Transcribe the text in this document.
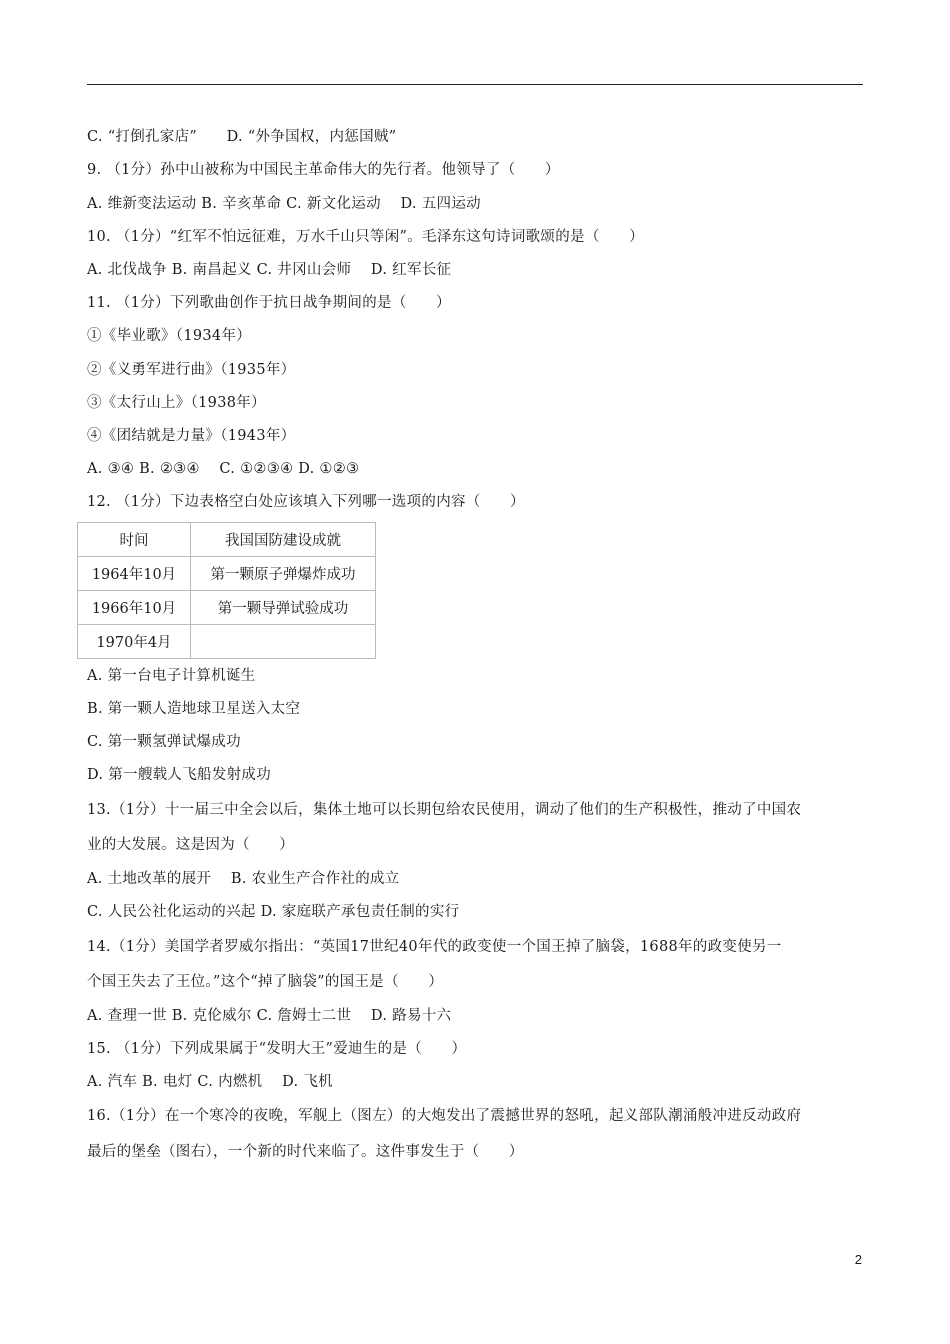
C. “打倒孔家店”      D. “外争国权，内惩国贼”
9. （1分）孙中山被称为中国民主革命伟大的先行者。他领导了（      ）
A. 维新变法运动 B. 辛亥革命 C. 新文化运动    D. 五四运动
10. （1分）“红军不怕远征难，万水千山只等闲”。毛泽东这句诗词歌颂的是（      ）
A. 北伐战争 B. 南昌起义 C. 井冈山会师    D. 红军长征
11. （1分）下列歌曲创作于抗日战争期间的是（      ）
①《毕业歌》（1934年）
②《义勇军进行曲》（1935年）
③《太行山上》（1938年）
④《团结就是力量》（1943年）
A. ③④ B. ②③④    C. ①②③④ D. ①②③
12. （1分）下边表格空白处应该填入下列哪一选项的内容（      ）
时间	我国国防建设成就
1964年10月	第一颗原子弹爆炸成功
1966年10月	第一颗导弹试验成功
1970年4月	
A. 第一台电子计算机诞生
B. 第一颗人造地球卫星送入太空
C. 第一颗氢弹试爆成功
D. 第一艘载人飞船发射成功
13.（1分）十一届三中全会以后，集体土地可以长期包给农民使用，调动了他们的生产积极性，推动了中国农
业的大发展。这是因为（      ）
A. 土地改革的展开    B. 农业生产合作社的成立
C. 人民公社化运动的兴起 D. 家庭联产承包责任制的实行
14.（1分）美国学者罗威尔指出：“英国17世纪40年代的政变使一个国王掉了脑袋，1688年的政变使另一
个国王失去了王位。”这个“掉了脑袋”的国王是（      ）
A. 查理一世 B. 克伦威尔 C. 詹姆士二世    D. 路易十六
15. （1分）下列成果属于“发明大王”爱迪生的是（      ）
A. 汽车 B. 电灯 C. 内燃机    D. 飞机
16.（1分）在一个寒冷的夜晚，军舰上（图左）的大炮发出了震撼世界的怒吼，起义部队潮涌般冲进反动政府
最后的堡垒（图右），一个新的时代来临了。这件事发生于（      ）
2
